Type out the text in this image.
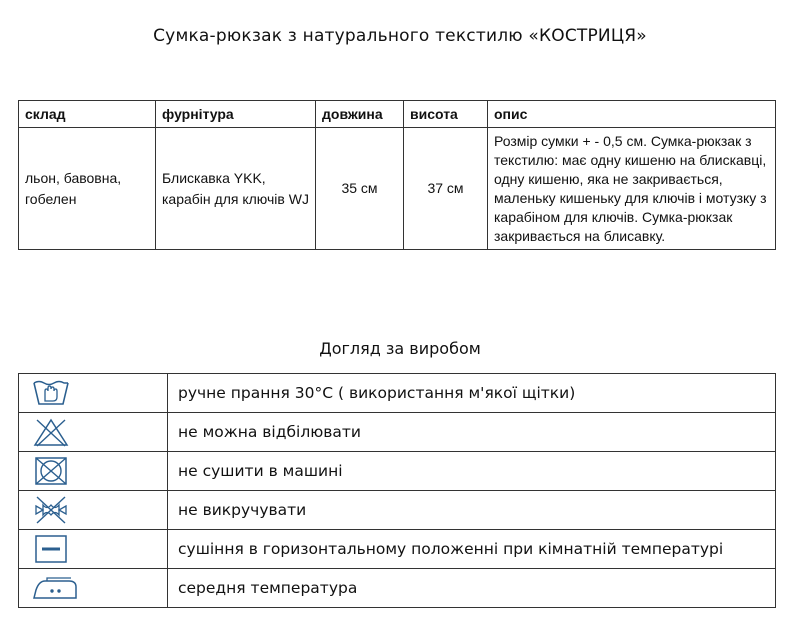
Сумка-рюкзак з натурального текстилю «КОСТРИЦЯ»
склад	фурнітура	довжина	висота	опис
льон, бавовна, гобелен	Блискавка YKK, карабін для ключів WJ	35 см	37 см	Розмір сумки + - 0,5 см. Сумка-рюкзак з текстилю: має одну кишеню на блискавці, одну кишеню, яка не закривається, маленьку кишеньку для ключів і мотузку з карабіном для ключів. Сумка-рюкзак закривається на блисавку.
Догляд за виробом
	ручне прання 30°C ( використання м'якої щітки)

	не можна відбілювати

	не сушити в машині

	не викручувати

	сушіння в горизонтальному положенні при кімнатній температурі

	середня температура
